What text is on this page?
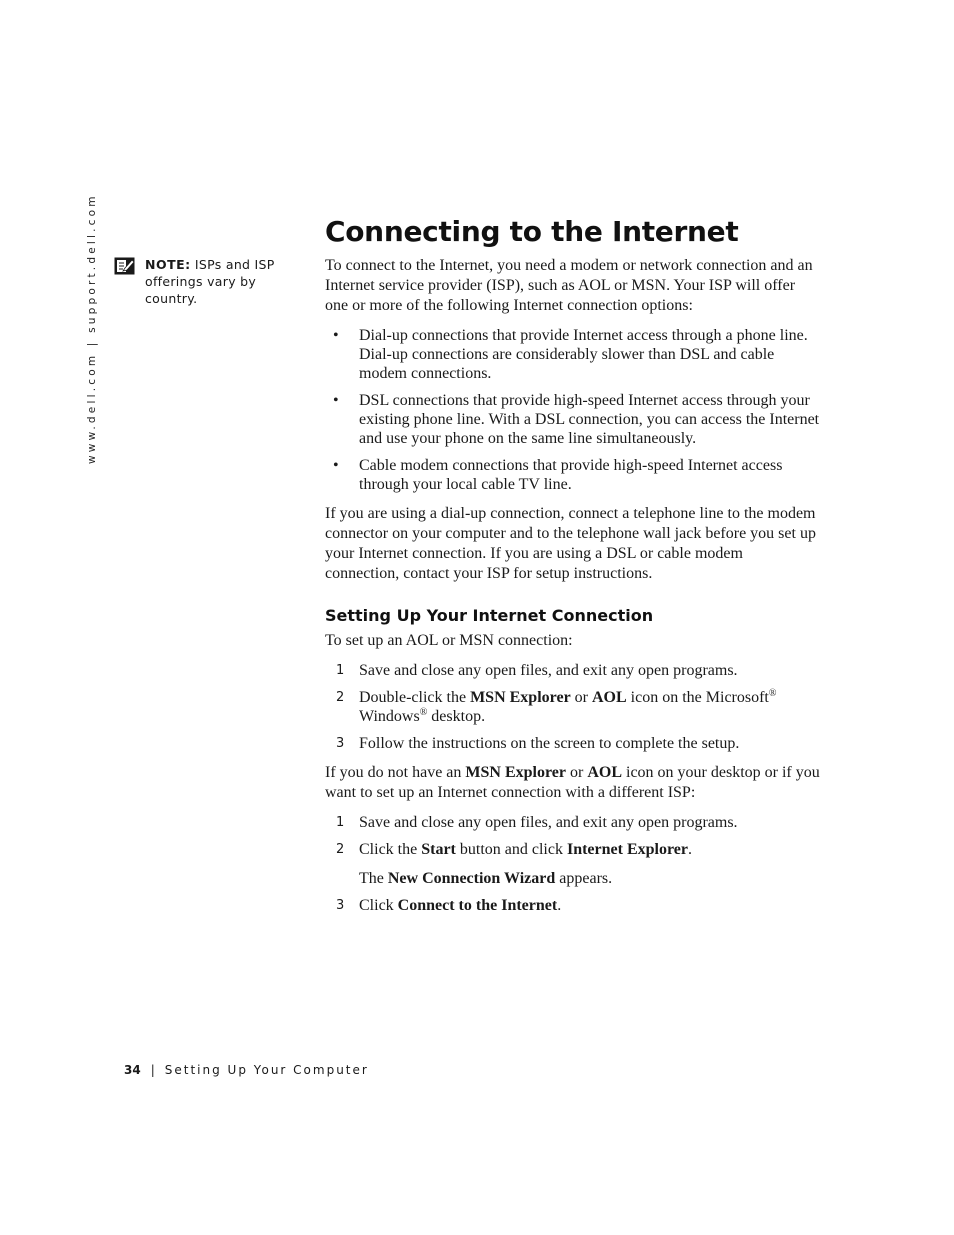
www.dell.com | support.dell.com	NOTE: ISPs and ISP offerings vary by country.
Connecting to the Internet

To connect to the Internet, you need a modem or network connection and an Internet service provider (ISP), such as AOL or MSN. Your ISP will offer one or more of the following Internet connection options:

• Dial-up connections that provide Internet access through a phone line. Dial-up connections are considerably slower than DSL and cable modem connections.
• DSL connections that provide high-speed Internet access through your existing phone line. With a DSL connection, you can access the Internet and use your phone on the same line simultaneously.
• Cable modem connections that provide high-speed Internet access through your local cable TV line.

If you are using a dial-up connection, connect a telephone line to the modem connector on your computer and to the telephone wall jack before you set up your Internet connection. If you are using a DSL or cable modem connection, contact your ISP for setup instructions.

Setting Up Your Internet Connection

To set up an AOL or MSN connection:

1 Save and close any open files, and exit any open programs.
2 Double-click the MSN Explorer or AOL icon on the Microsoft®
Windows® desktop.
3 Follow the instructions on the screen to complete the setup.

If you do not have an MSN Explorer or AOL icon on your desktop or if you want to set up an Internet connection with a different ISP:

1 Save and close any open files, and exit any open programs.
2 Click the Start button and click Internet Explorer.
The New Connection Wizard appears.
3 Click Connect to the Internet.
34 | Setting Up Your Computer
